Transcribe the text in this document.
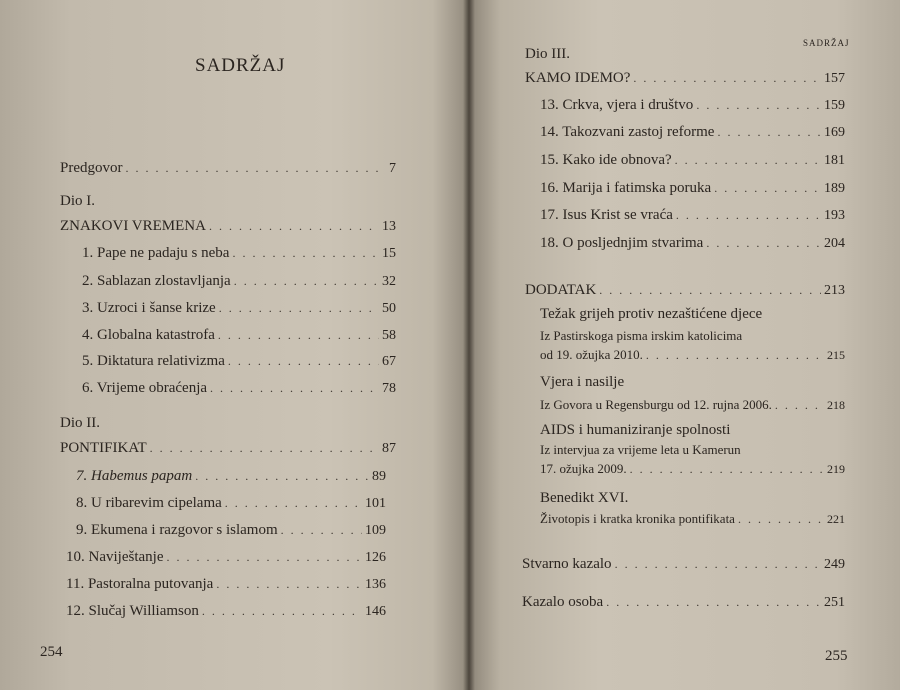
SADRŽAJ
Predgovor . . .	7
Dio I.
ZNAKOVI VREMENA . . .	13
1. Pape ne padaju s neba . . .	15
2. Sablazan zlostavljanja . . .	32
3. Uzroci i šanse krize . . .	50
4. Globalna katastrofa . . .	58
5. Diktatura relativizma . . .	67
6. Vrijeme obraćenja . . .	78
Dio II.
PONTIFIKAT . . .	87
7. Habemus papam . . .	89
8. U ribarevim cipelama . . .	101
9. Ekumena i razgovor s islamom . . .	109
10. Naviještanje . . .	126
11. Pastoralna putovanja . . .	136
12. Slučaj Williamson . . .	146
254
SADRŽAJ
Dio III.
KAMO IDEMO? . . .	157
13. Crkva, vjera i društvo . . .	159
14. Takozvani zastoj reforme . . .	169
15. Kako ide obnova? . . .	181
16. Marija i fatimska poruka . . .	189
17. Isus Krist se vraća . . .	193
18. O posljednjim stvarima . . .	204
DODATAK . . .	213
Težak grijeh protiv nezaštićene djece
Iz Pastirskoga pisma irskim katolicima
od 19. ožujka 2010. . . .	215
Vjera i nasilje
Iz Govora u Regensburgu od 12. rujna 2006. . . .	218
AIDS i humaniziranje spolnosti
Iz intervjua za vrijeme leta u Kamerun
17. ožujka 2009. . . .	219
Benedikt XVI.
Životopis i kratka kronika pontifikata . . .	221
Stvarno kazalo . . .	249
Kazalo osoba . . .	251
255
